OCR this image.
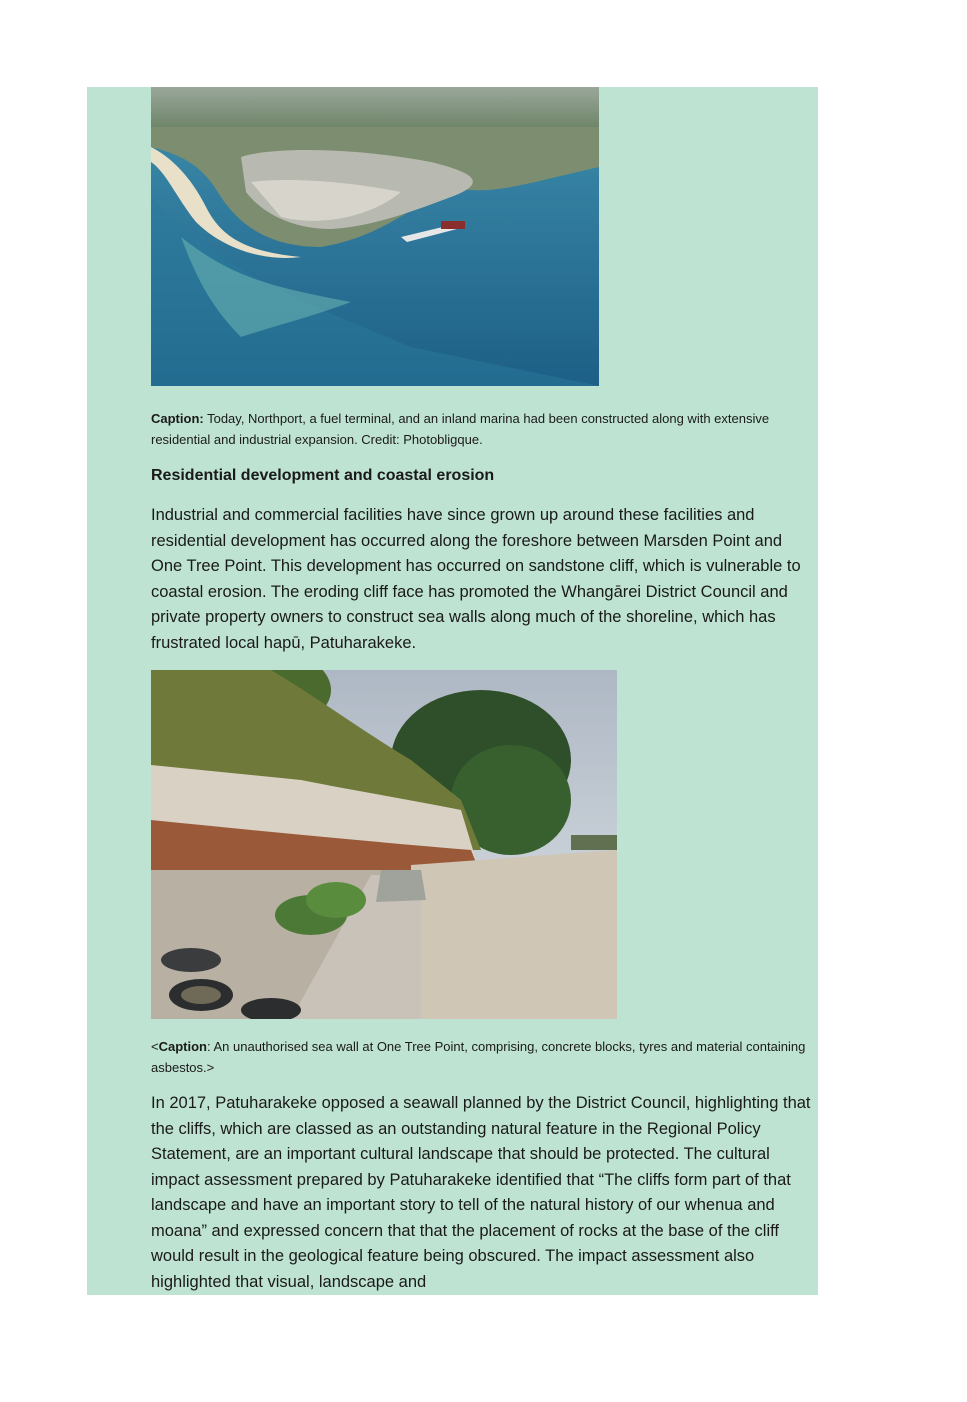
Caption: Today, Northport, a fuel terminal, and an inland marina had been constructed along with extensive residential and industrial expansion. Credit: Photobligque.
Residential development and coastal erosion
Industrial and commercial facilities have since grown up around these facilities and residential development has occurred along the foreshore between Marsden Point and One Tree Point. This development has occurred on sandstone cliff, which is vulnerable to coastal erosion. The eroding cliff face has promoted the Whangārei District Council and private property owners to construct sea walls along much of the shoreline, which has frustrated local hapū, Patuharakeke.
<Caption: An unauthorised sea wall at One Tree Point, comprising, concrete blocks, tyres and material containing asbestos.>
In 2017, Patuharakeke opposed a seawall planned by the District Council, highlighting that the cliffs, which are classed as an outstanding natural feature in the Regional Policy Statement, are an important cultural landscape that should be protected. The cultural impact assessment prepared by Patuharakeke identified that “The cliffs form part of that landscape and have an important story to tell of the natural history of our whenua and moana” and expressed concern that that the placement of rocks at the base of the cliff would result in the geological feature being obscured. The impact assessment also highlighted that visual, landscape and
